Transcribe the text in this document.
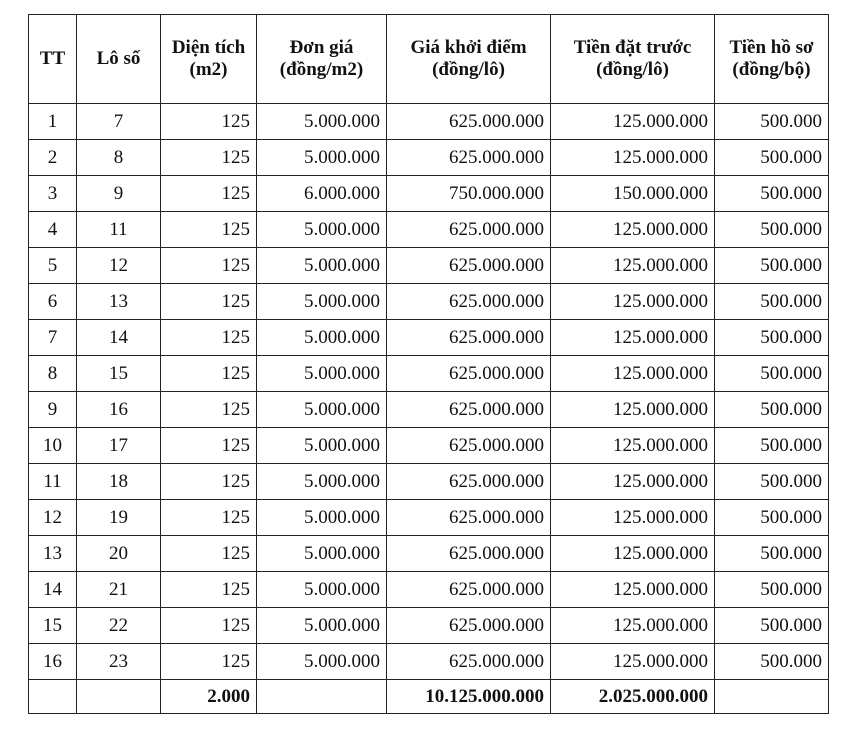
TT	Lô số	Diện tích (m2)	Đơn giá (đồng/m2)	Giá khởi điểm (đồng/lô)	Tiền đặt trước (đồng/lô)	Tiền hồ sơ (đồng/bộ)
1	7	125	5.000.000	625.000.000	125.000.000	500.000
2	8	125	5.000.000	625.000.000	125.000.000	500.000
3	9	125	6.000.000	750.000.000	150.000.000	500.000
4	11	125	5.000.000	625.000.000	125.000.000	500.000
5	12	125	5.000.000	625.000.000	125.000.000	500.000
6	13	125	5.000.000	625.000.000	125.000.000	500.000
7	14	125	5.000.000	625.000.000	125.000.000	500.000
8	15	125	5.000.000	625.000.000	125.000.000	500.000
9	16	125	5.000.000	625.000.000	125.000.000	500.000
10	17	125	5.000.000	625.000.000	125.000.000	500.000
11	18	125	5.000.000	625.000.000	125.000.000	500.000
12	19	125	5.000.000	625.000.000	125.000.000	500.000
13	20	125	5.000.000	625.000.000	125.000.000	500.000
14	21	125	5.000.000	625.000.000	125.000.000	500.000
15	22	125	5.000.000	625.000.000	125.000.000	500.000
16	23	125	5.000.000	625.000.000	125.000.000	500.000
		2.000		10.125.000.000	2.025.000.000	
